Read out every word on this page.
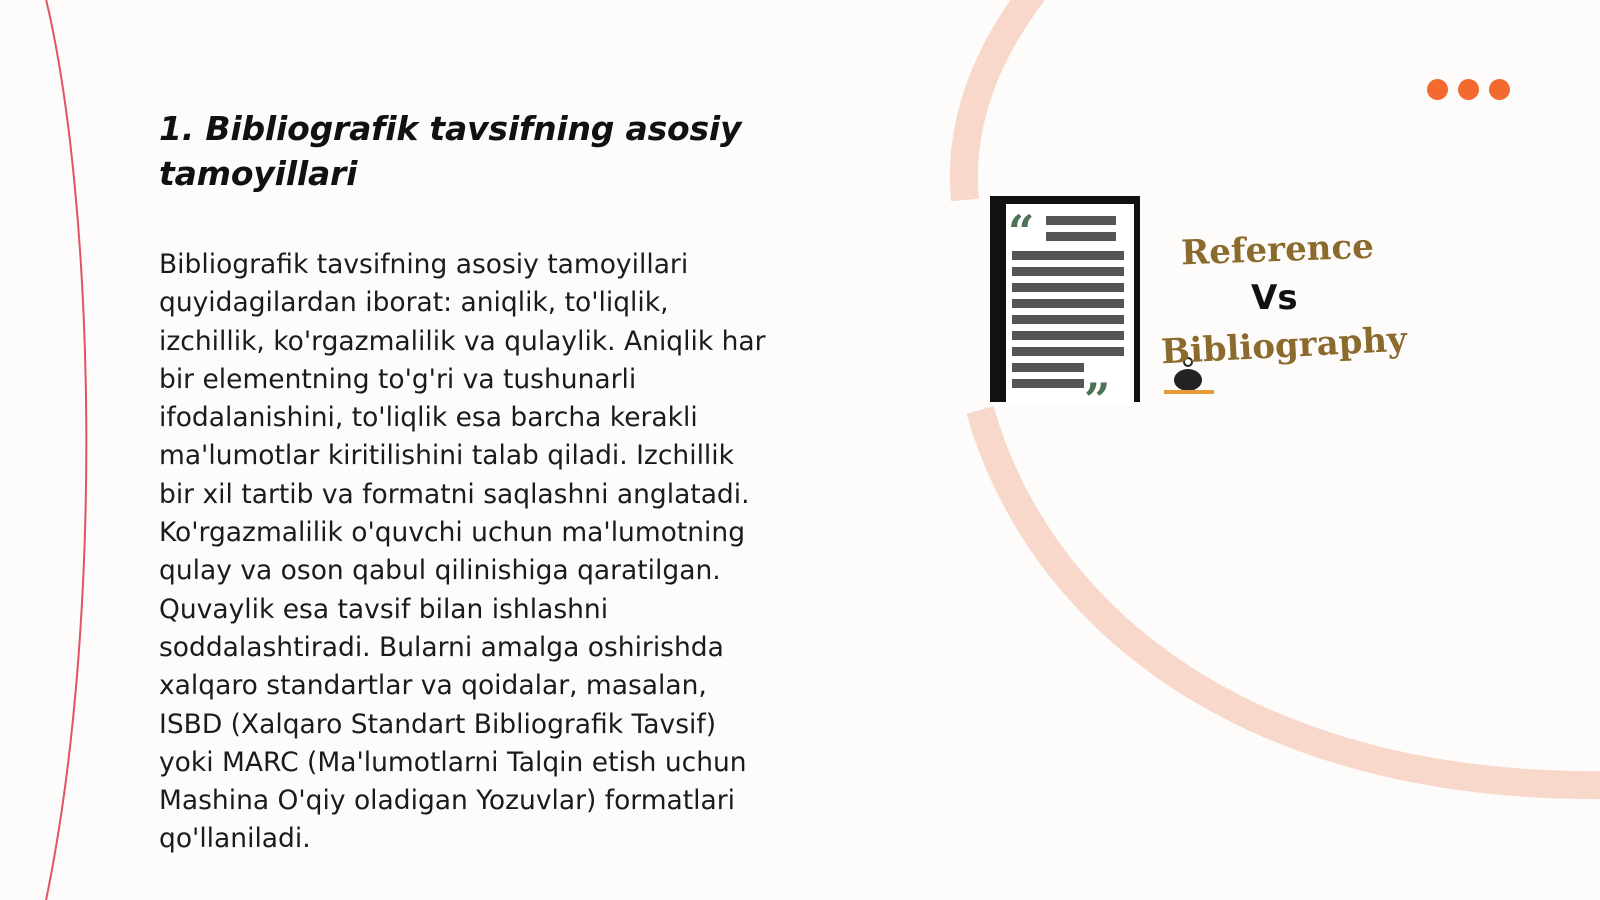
1. Bibliografik tavsifning asosiy
tamoyillari

Bibliografik tavsifning asosiy tamoyillari
quyidagilardan iborat: aniqlik, to'liqlik,
izchillik, ko'rgazmalilik va qulaylik. Aniqlik har
bir elementning to'g'ri va tushunarli
ifodalanishini, to'liqlik esa barcha kerakli
ma'lumotlar kiritilishini talab qiladi. Izchillik
bir xil tartib va formatni saqlashni anglatadi.
Ko'rgazmalilik o'quvchi uchun ma'lumotning
qulay va oson qabul qilinishiga qaratilgan.
Quvaylik esa tavsif bilan ishlashni
soddalashtiradi. Bularni amalga oshirishda
xalqaro standartlar va qoidalar, masalan,
ISBD (Xalqaro Standart Bibliografik Tavsif)
yoki MARC (Ma'lumotlarni Talqin etish uchun
Mashina O'qiy oladigan Yozuvlar) formatlari
qo'llaniladi.

“
”
Reference
Vs
Bibliography
